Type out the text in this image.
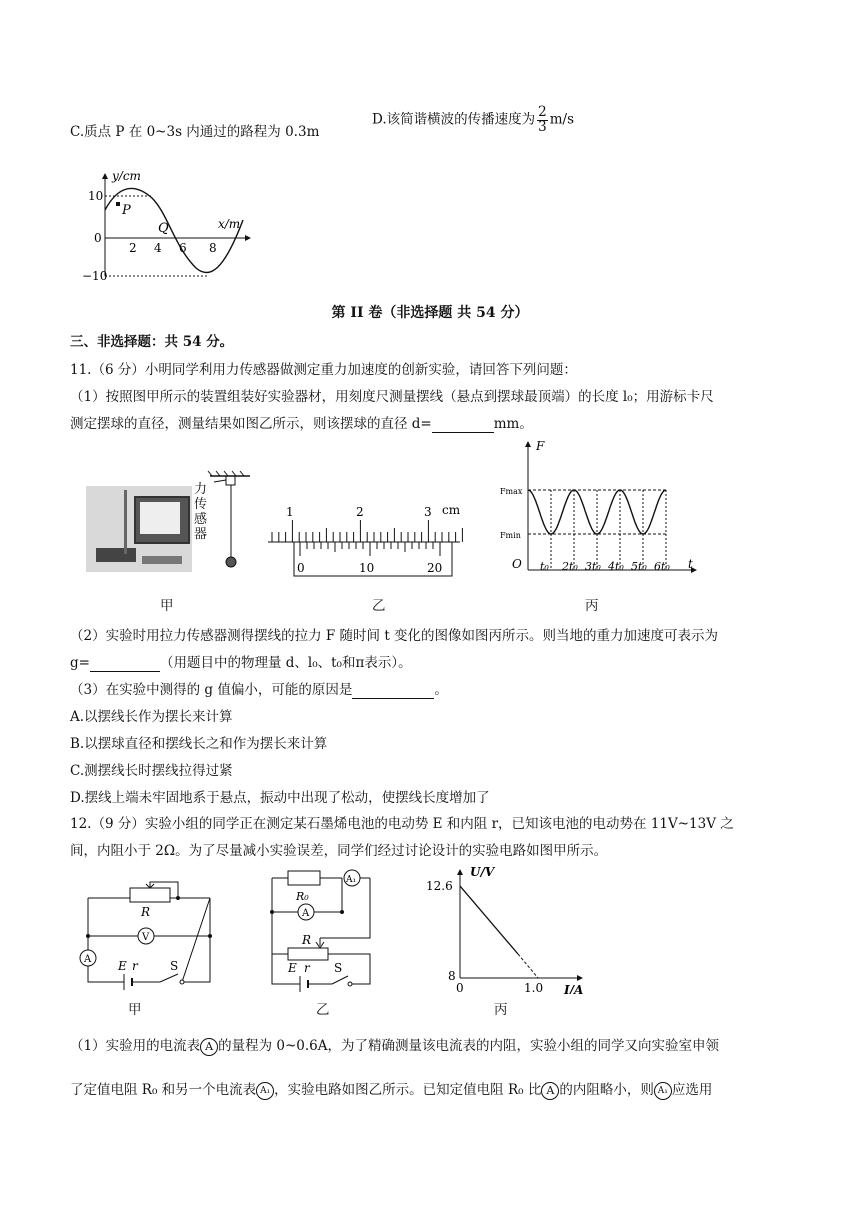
C.质点 P 在 0~3s 内通过的路程为 0.3m
D.该简谐横波的传播速度为 $\frac{2}{3} m/s$
y/cm
x/m
10
0
−10
2 4 6 8
P
Q
第 II 卷（非选择题 共 54 分）
三、非选择题：共 54 分。
11.（6 分）小明同学利用力传感器做测定重力加速度的创新实验，请回答下列问题：
（1）按照图甲所示的装置组装好实验器材，用刻度尺测量摆线（悬点到摆球最顶端）的长度 l₀；用游标卡尺
测定摆球的直径，测量结果如图乙所示，则该摆球的直径 d=	mm。
力
传
感
器
甲
1	2	3 cm
0	10	20
乙
F
t
O
Fmax
Fmin
t₀ 2t₀ 3t₀ 4t₀ 5t₀ 6t₀
丙
（2）实验时用拉力传感器测得摆线的拉力 F 随时间 t 变化的图像如图丙所示。则当地的重力加速度可表示为
g=	（用题目中的物理量 d、l₀、t₀和π表示）。
（3）在实验中测得的 g 值偏小，可能的原因是	。
A.以摆线长作为摆长来计算
B.以摆球直径和摆线长之和作为摆长来计算
C.测摆线长时摆线拉得过紧
D.摆线上端未牢固地系于悬点，振动中出现了松动，使摆线长度增加了
12.（9 分）实验小组的同学正在测定某石墨烯电池的电动势 E 和内阻 r，已知该电池的电动势在 11V~13V 之
间，内阻小于 2Ω。为了尽量减小实验误差，同学们经过讨论设计的实验电路如图甲所示。
R
V
A E r	S
甲
R₀
A₁
A
R
E r S
乙
U/V
I/A
12.6
8
0	1.0
丙
（1）实验用的电流表 A 的量程为 0~0.6A，为了精确测量该电流表的内阻，实验小组的同学又向实验室申领
了定值电阻 R₀ 和另一个电流表 A₁ ，实验电路如图乙所示。已知定值电阻 R₀ 比 A 的内阻略小，则 A₁ 应选用
